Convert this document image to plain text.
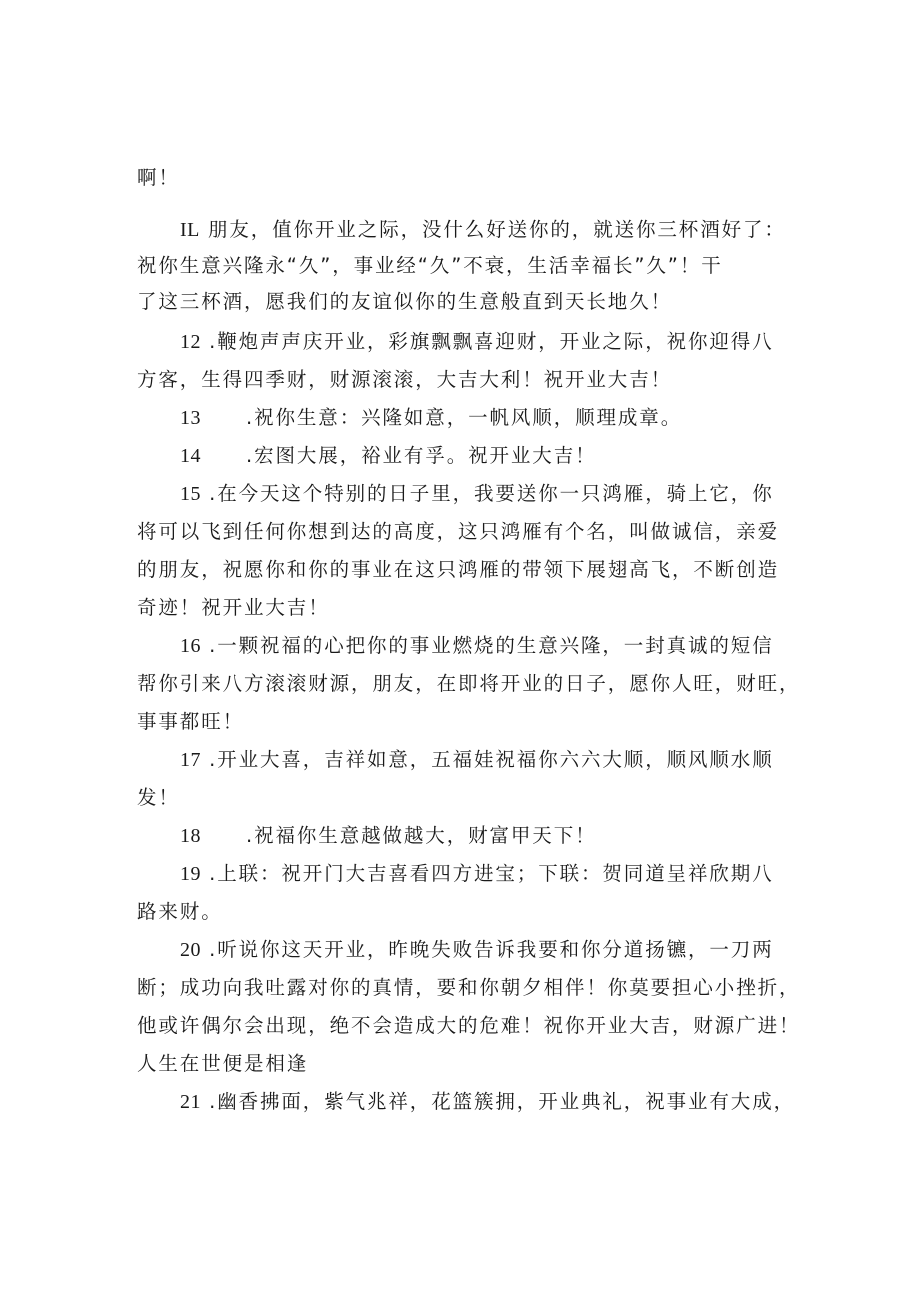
啊！
IL 朋友，值你开业之际，没什么好送你的，就送你三杯酒好了：
祝你生意兴隆永“久”，事业经“久”不衰，生活幸福长”久”！干
了这三杯酒，愿我们的友谊似你的生意般直到天长地久！
12 .鞭炮声声庆开业，彩旗飘飘喜迎财，开业之际，祝你迎得八
方客，生得四季财，财源滚滚，大吉大利！祝开业大吉！
13 .祝你生意：兴隆如意，一帆风顺，顺理成章。
14 .宏图大展，裕业有孚。祝开业大吉！
15 .在今天这个特别的日子里，我要送你一只鸿雁，骑上它，你
将可以飞到任何你想到达的高度，这只鸿雁有个名，叫做诚信，亲爱
的朋友，祝愿你和你的事业在这只鸿雁的带领下展翅高飞，不断创造
奇迹！祝开业大吉！
16 .一颗祝福的心把你的事业燃烧的生意兴隆，一封真诚的短信
帮你引来八方滚滚财源，朋友，在即将开业的日子，愿你人旺，财旺，
事事都旺！
17 .开业大喜，吉祥如意，五福娃祝福你六六大顺，顺风顺水顺
发！
18 .祝福你生意越做越大，财富甲天下！
19 .上联：祝开门大吉喜看四方进宝；下联：贺同道呈祥欣期八
路来财。
20 .听说你这天开业，昨晚失败告诉我要和你分道扬镳，一刀两
断；成功向我吐露对你的真情，要和你朝夕相伴！你莫要担心小挫折，
他或许偶尔会出现，绝不会造成大的危难！祝你开业大吉，财源广进！
人生在世便是相逢
21 .幽香拂面，紫气兆祥，花篮簇拥，开业典礼，祝事业有大成，
